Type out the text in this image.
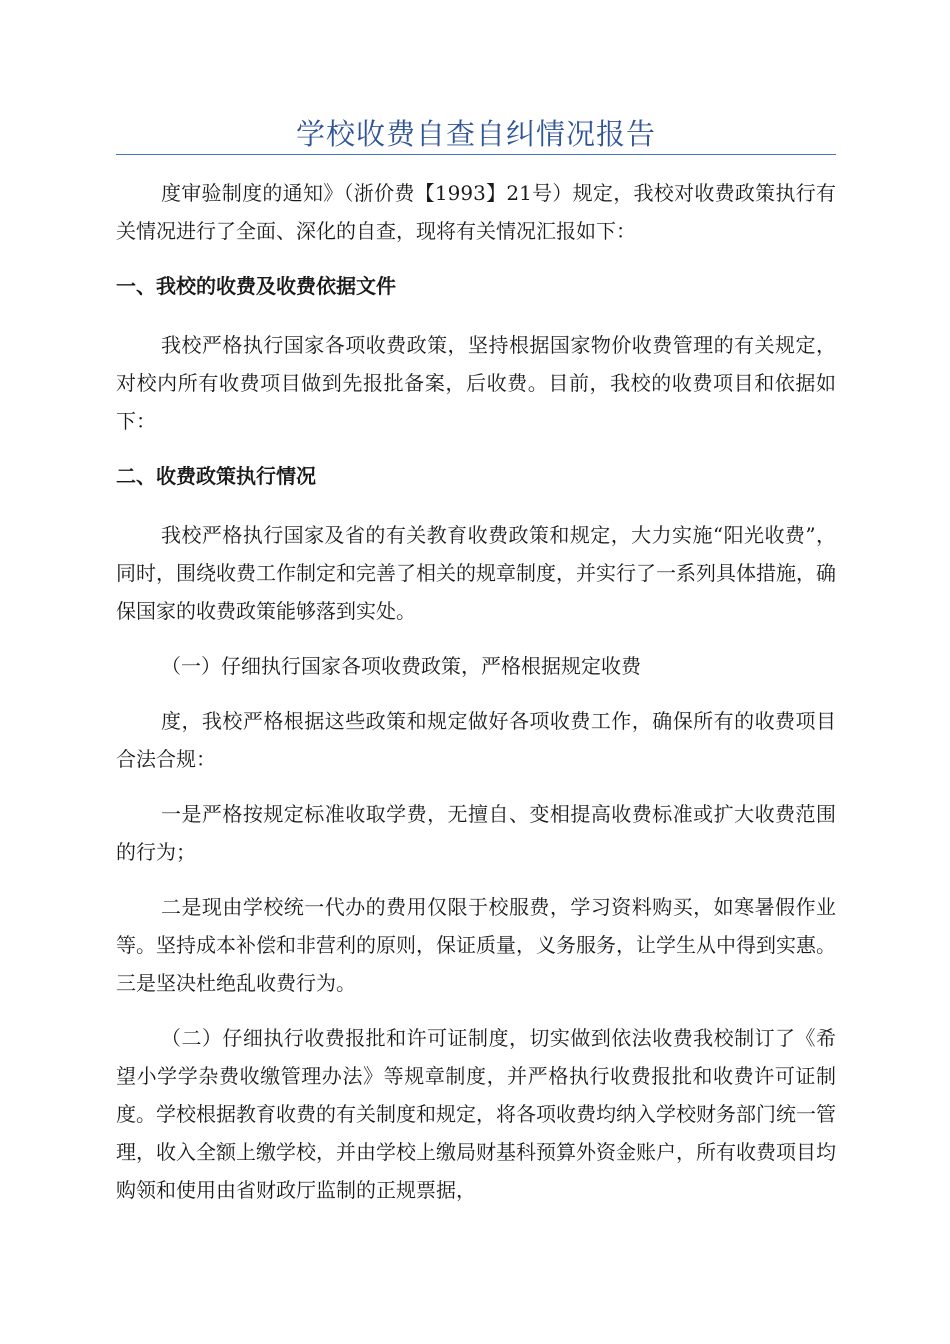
学校收费自查自纠情况报告

度审验制度的通知》（浙价费【1993】21号）规定，我校对收费政策执行有关情况进行了全面、深化的自查，现将有关情况汇报如下：

一、我校的收费及收费依据文件

我校严格执行国家各项收费政策，坚持根据国家物价收费管理的有关规定，对校内所有收费项目做到先报批备案，后收费。目前，我校的收费项目和依据如下：

二、收费政策执行情况

我校严格执行国家及省的有关教育收费政策和规定，大力实施“阳光收费”，同时，围绕收费工作制定和完善了相关的规章制度，并实行了一系列具体措施，确保国家的收费政策能够落到实处。

（一）仔细执行国家各项收费政策，严格根据规定收费

度，我校严格根据这些政策和规定做好各项收费工作，确保所有的收费项目合法合规：

一是严格按规定标准收取学费，无擅自、变相提高收费标准或扩大收费范围的行为；

二是现由学校统一代办的费用仅限于校服费，学习资料购买，如寒暑假作业等。坚持成本补偿和非营利的原则，保证质量，义务服务，让学生从中得到实惠。三是坚决杜绝乱收费行为。

（二）仔细执行收费报批和许可证制度，切实做到依法收费我校制订了《希望小学学杂费收缴管理办法》等规章制度，并严格执行收费报批和收费许可证制度。学校根据教育收费的有关制度和规定，将各项收费均纳入学校财务部门统一管理，收入全额上缴学校，并由学校上缴局财基科预算外资金账户，所有收费项目均购领和使用由省财政厅监制的正规票据，
